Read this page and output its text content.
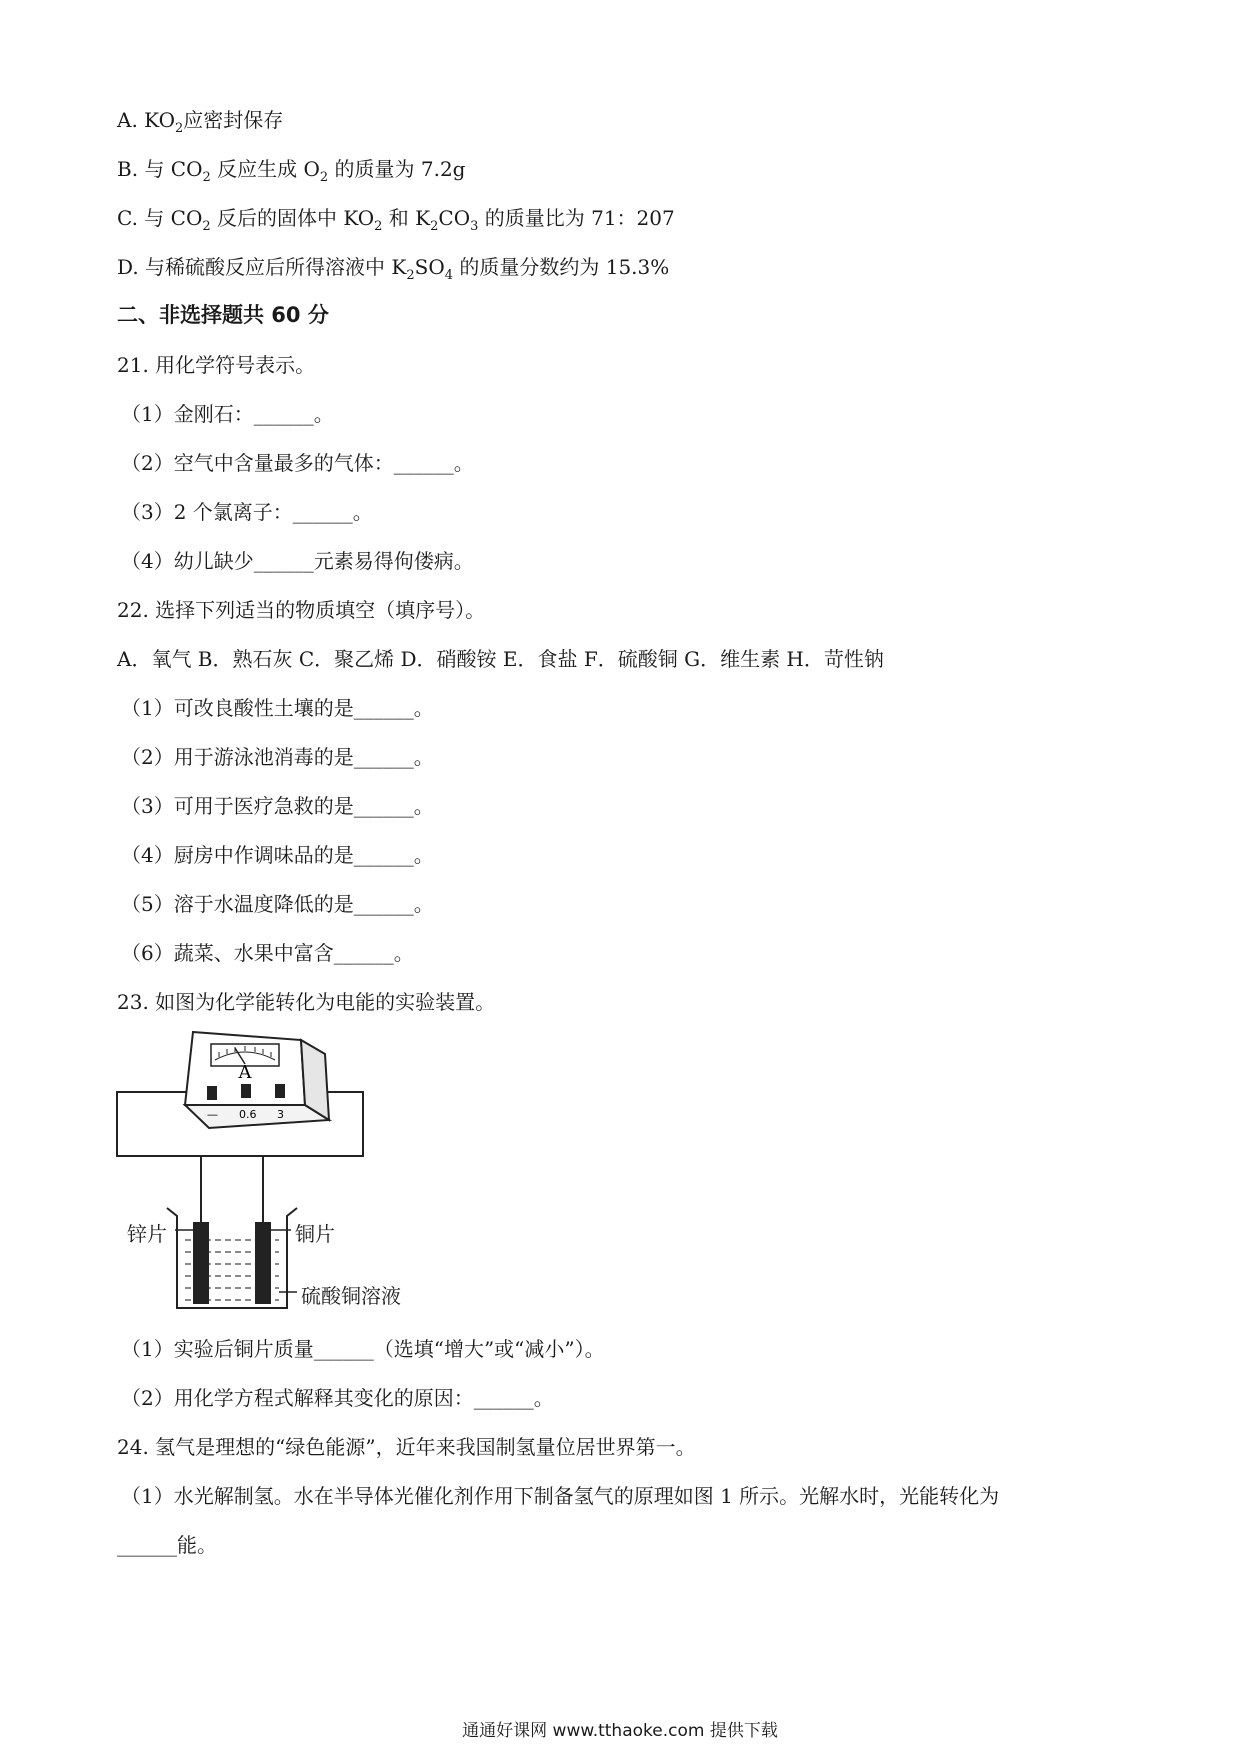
A. $KO_2$应密封保存
B. 与 $CO_2$ 反应生成 $O_2$ 的质量为 7.2g
C. 与 $CO_2$ 反后的固体中 $KO_2$ 和 $K_2CO_3$ 的质量比为 71：207
D. 与稀硫酸反应后所得溶液中 $K_2SO_4$ 的质量分数约为 15.3%
二、非选择题共 60 分
21. 用化学符号表示。
（1）金刚石：______。
（2）空气中含量最多的气体：______。
（3）2 个氯离子：______。
（4）幼儿缺少______元素易得佝偻病。
22. 选择下列适当的物质填空（填序号）。
A．氧气 B．熟石灰 C．聚乙烯 D．硝酸铵 E．食盐 F．硫酸铜 G．维生素 H．苛性钠
（1）可改良酸性土壤的是______。
（2）用于游泳池消毒的是______。
（3）可用于医疗急救的是______。
（4）厨房中作调味品的是______。
（5）溶于水温度降低的是______。
（6）蔬菜、水果中富含______。
23. 如图为化学能转化为电能的实验装置。
A
— 0.6 3
锌片	铜片
硫酸铜溶液
（1）实验后铜片质量______（选填“增大”或“减小”）。
（2）用化学方程式解释其变化的原因：______。
24. 氢气是理想的“绿色能源”，近年来我国制氢量位居世界第一。
（1）水光解制氢。水在半导体光催化剂作用下制备氢气的原理如图 1 所示。光解水时，光能转化为
______能。
通通好课网 www.tthaoke.com 提供下载
